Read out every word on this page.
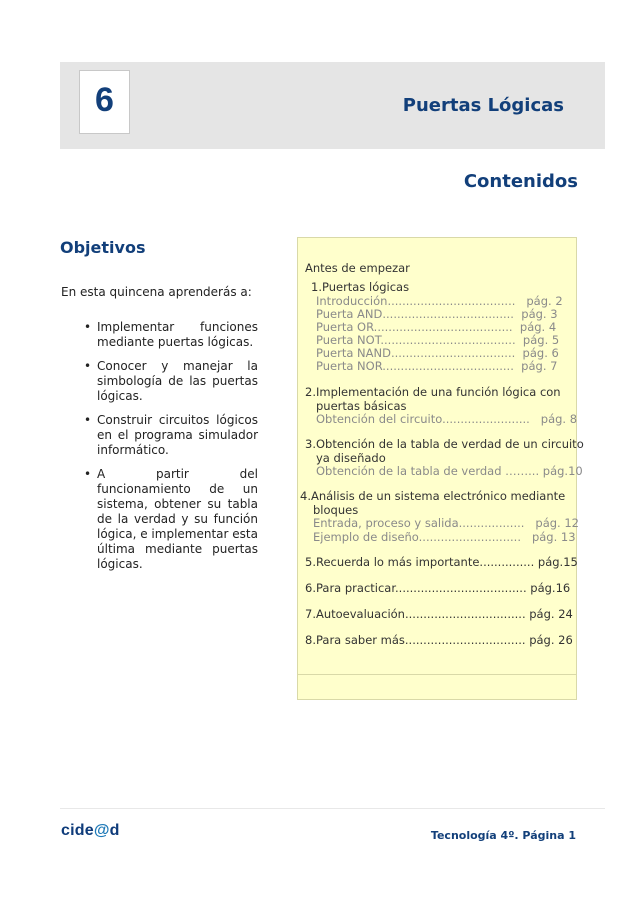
6	Puertas Lógicas
Contenidos
Objetivos
En esta quincena aprenderás a:
• Implementar funciones mediante puertas lógicas.
• Conocer y manejar la simbología de las puertas lógicas.
• Construir circuitos lógicos en el programa simulador informático.
• A partir del funcionamiento de un sistema, obtener su tabla de la verdad y su función lógica, e implementar esta última mediante puertas lógicas.
Antes de empezar
1.Puertas lógicas
Introducción...................................   pág. 2
Puerta AND....................................  pág. 3
Puerta OR......................................  pág. 4
Puerta NOT.....................................  pág. 5
Puerta NAND..................................  pág. 6
Puerta NOR....................................  pág. 7
2.Implementación de una función lógica con
puertas básicas
Obtención del circuito........................   pág. 8
3.Obtención de la tabla de verdad de un circuito
ya diseñado
Obtención de la tabla de verdad ……... pág.10
4.Análisis de un sistema electrónico mediante
bloques
Entrada, proceso y salida..................   pág. 12
Ejemplo de diseño............................   pág. 13
5.Recuerda lo más importante............... pág.15
6.Para practicar.................................... pág.16
7.Autoevaluación................................. pág. 24
8.Para saber más................................. pág. 26
cide@d	Tecnología 4º. Página 1
